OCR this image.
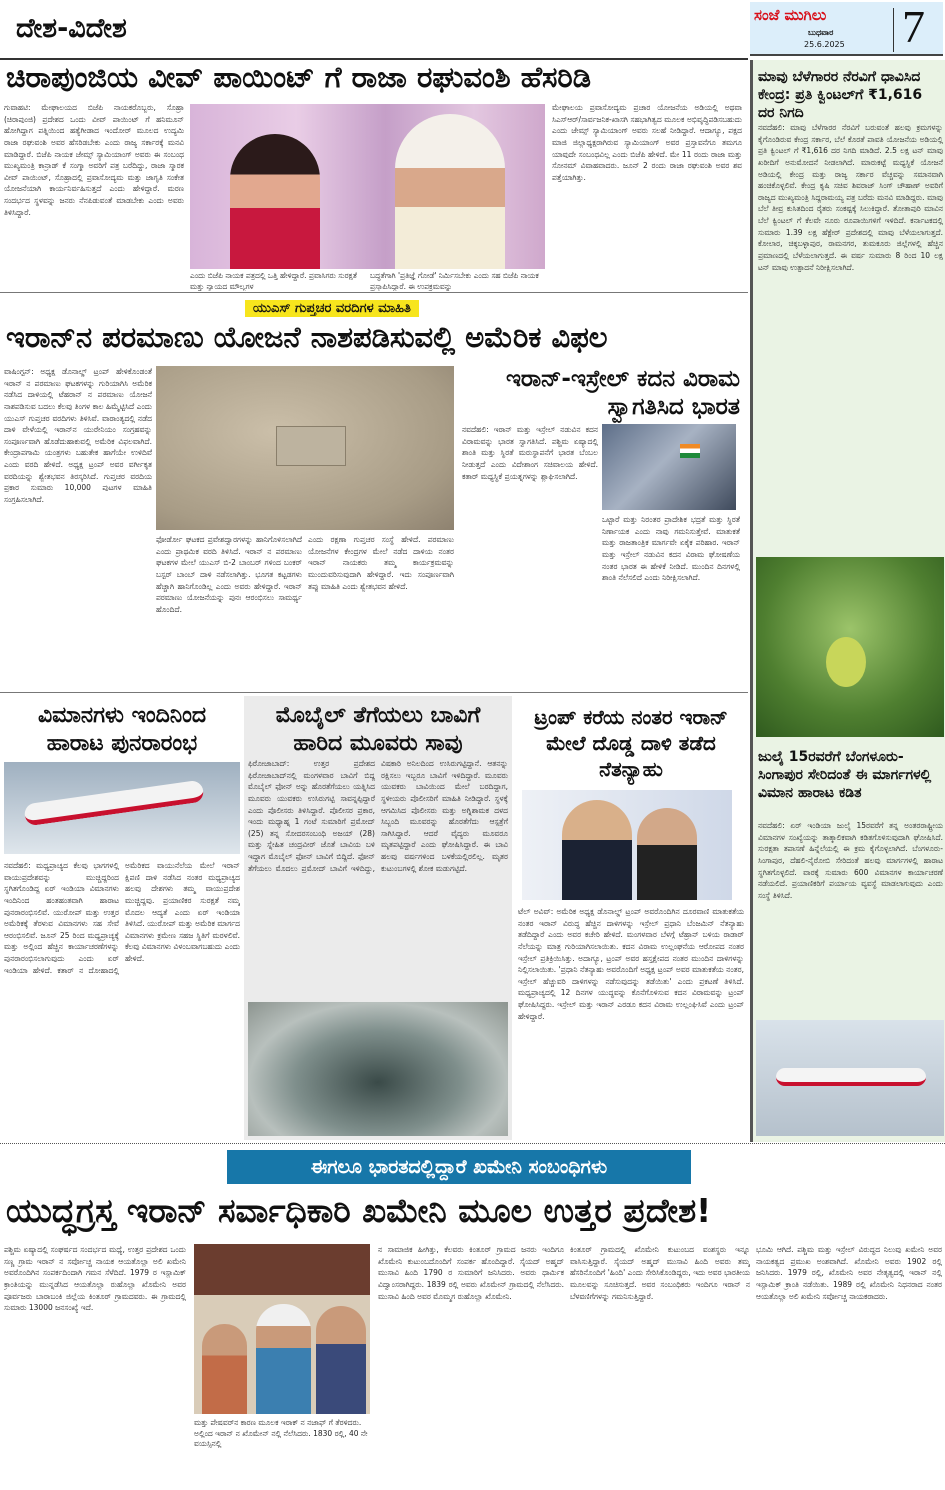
ದೇಶ-ವಿದೇಶ	ಸಂಜೆ ಮುಗಿಲು
ಬುಧವಾರ
25.6.2025 7
ಚಿರಾಪುಂಜಿಯ ವೀವ್ ಪಾಯಿಂಟ್ ಗೆ ರಾಜಾ ರಘುವಂಶಿ ಹೆಸರಿಡಿ
ಗುವಾಹಟಿ: ಮೇಘಾಲಯದ ಬಿಜೆಪಿ ನಾಯಕರೊಬ್ಬರು, ಸೊಹ್ರಾ (ಚಿರಾಪುಂಜಿ) ಪ್ರದೇಶದ ಒಂದು ವೀವ್ ಪಾಯಿಂಟ್ ಗೆ ಹನಿಮೂನ್ ಹೋಗಿದ್ದಾಗ ಪತ್ನಿಯಿಂದ ಹತ್ಯೆಗೀಡಾದ ಇಂದೋರ್ ಮೂಲದ ಉದ್ಯಮಿ ರಾಜಾ ರಘುವಂಶಿ ಅವರ ಹೆಸರಿಡಬೇಕು ಎಂದು ರಾಜ್ಯ ಸರ್ಕಾರಕ್ಕೆ ಮನವಿ ಮಾಡಿದ್ದಾರೆ. ಬಿಜೆಪಿ ನಾಯಕ ಜೇಮ್ಸ್ ಸ್ಯಾಮಿಯಾಂಗ್ ಅವರು ಈ ಸಂಬಂಧ ಮುಖ್ಯಮಂತ್ರಿ ಕಾನ್ರಾಡ್ ಕೆ ಸಂಗ್ಮಾ ಅವರಿಗೆ ಪತ್ರ ಬರೆದಿದ್ದು, ರಾಜಾ ಸ್ಮಾರಕ ವೀವ್ ಪಾಯಿಂಟ್, ಸೊಹ್ರಾದಲ್ಲಿ ಪ್ರವಾಸೋದ್ಯಮ ಮತ್ತು ಜಾಗೃತಿ ಸಂಕೇತ ಯೋಜನೆಯಾಗಿ ಕಾರ್ಯನಿರ್ವಹಿಸುತ್ತದೆ ಎಂದು ಹೇಳಿದ್ದಾರೆ. ಮರಣ ಸಂದರ್ಭದ ಸ್ಥಳವನ್ನು ಜನರು ನೆನಪಿಡುವಂತೆ ಮಾಡಬೇಕು ಎಂದು ಅವರು ತಿಳಿಸಿದ್ದಾರೆ.
ಎಂದು ಬಿಜೆಪಿ ನಾಯಕ ಪತ್ರದಲ್ಲಿ ಒತ್ತಿ ಹೇಳಿದ್ದಾರೆ. ಪ್ರವಾಸಿಗರು ಸುರಕ್ಷತೆ ಮತ್ತು ನ್ಯಾಯದ ಮೌಲ್ಯಗಳ
ಬದ್ಧತೆಗಾಗಿ 'ಪ್ರತಿಜ್ಞೆ ಗೋಡೆ' ನಿರ್ಮಿಸಬೇಕು ಎಂದು ಸಹ ಬಿಜೆಪಿ ನಾಯಕ ಪ್ರಸ್ತಾಪಿಸಿದ್ದಾರೆ. ಈ ಉಪಕ್ರಮವನ್ನು
ಮೇಘಾಲಯ ಪ್ರವಾಸೋದ್ಯಮ ಪ್ರಚಾರ ಯೋಜನೆಯ ಅಡಿಯಲ್ಲಿ ಅಥವಾ ಸಿಎಸ್ಆರ್/ಸಾರ್ವಜನಿಕ-ಖಾಸಗಿ ಸಹಭಾಗಿತ್ವದ ಮೂಲಕ ಅಭಿವೃದ್ಧಿಪಡಿಸಬಹುದು ಎಂದು ಜೇಮ್ಸ್ ಸ್ಯಾಮಿಯಾಂಗ್ ಅವರು ಸಲಹೆ ನೀಡಿದ್ದಾರೆ. ಆದಾಗ್ಯೂ, ಪಕ್ಷದ ಮಾಜಿ ಜಿಲ್ಲಾಧ್ಯಕ್ಷರಾಗಿರುವ ಸ್ಯಾಮಿಯಾಂಗ್ ಅವರ ಪ್ರಸ್ತಾವನೆಗೂ ತಮಗೂ ಯಾವುದೇ ಸಂಬಂಧವಿಲ್ಲ ಎಂದು ಬಿಜೆಪಿ ಹೇಳಿದೆ. ಮೇ 11 ರಂದು ರಾಜಾ ಮತ್ತು ಸೋನಮ್ ವಿವಾಹವಾದರು. ಜೂನ್ 2 ರಂದು ರಾಜಾ ರಘುವಂಶಿ ಅವರ ಶವ ಪತ್ತೆಯಾಗಿತ್ತು.
ಯುಎಸ್ ಗುಪ್ತಚರ ವರದಿಗಳ ಮಾಹಿತಿ
ಇರಾನ್‌ನ ಪರಮಾಣು ಯೋಜನೆ ನಾಶಪಡಿಸುವಲ್ಲಿ ಅಮೆರಿಕ ವಿಫಲ
ವಾಷಿಂಗ್ಟನ್: ಅಧ್ಯಕ್ಷ ಡೊನಾಲ್ಡ್ ಟ್ರಂಪ್ ಹೇಳಿಕೊಂಡಂತೆ ಇರಾನ್ ನ ಪರಮಾಣು ಘಟಕಗಳನ್ನು ಗುರಿಯಾಗಿಸಿ ಅಮೆರಿಕ ನಡೆಸಿದ ದಾಳಿಯಲ್ಲಿ ಟೆಹರಾನ್ ನ ಪರಮಾಣು ಯೋಜನೆ ನಾಶಪಡಿಸುವ ಬದಲು ಕೆಲವು ತಿಂಗಳ ಕಾಲ ಹಿಮ್ಮೆಟ್ಟಿಸಿದೆ ಎಂದು ಯುಎಸ್ ಗುಪ್ತಚರ ವರದಿಗಳು ತಿಳಿಸಿವೆ. ವಾರಾಂತ್ಯದಲ್ಲಿ ನಡೆದ ದಾಳಿ ವೇಳೆಯಲ್ಲಿ ಇರಾನ್‌ನ ಯುರೇನಿಯಂ ಸಂಗ್ರಹವನ್ನು ಸಂಪೂರ್ಣವಾಗಿ ಹೊಡೆದುಹಾಕುವಲ್ಲಿ ಅಮೆರಿಕ ವಿಫಲವಾಗಿದೆ. ಕೇಂದ್ರಾಪಗಾಮಿ ಯಂತ್ರಗಳು ಬಹುತೇಕ ಹಾಗೆಯೇ ಉಳಿದಿವೆ ಎಂದು ವರದಿ ಹೇಳಿದೆ. ಅಧ್ಯಕ್ಷ ಟ್ರಂಪ್ ಅವರ ವರ್ಗೀಕೃತ ವರದಿಯನ್ನು ಶ್ವೇತಭವನ ತಿರಸ್ಕರಿಸಿದೆ. ಗುಪ್ತಚರ ವರದಿಯ ಪ್ರಕಾರ ಸುಮಾರು 10,000 ಪುಟಗಳ ಮಾಹಿತಿ ಸಂಗ್ರಹಿಸಲಾಗಿದೆ.
ಫೋರ್ಡೋ ಘಟಕದ ಪ್ರವೇಶದ್ವಾರಗಳನ್ನು ಹಾನಿಗೊಳಿಸಲಾಗಿದೆ ಎಂದು ಪ್ರಾಥಮಿಕ ವರದಿ ತಿಳಿಸಿದೆ. ಇರಾನ್ ನ ಪರಮಾಣು ಘಟಕಗಳ ಮೇಲೆ ಯುಎಸ್ ಬಿ-2 ಬಾಂಬರ್ ಗಳಿಂದ ಬಂಕರ್ ಬಸ್ಟರ್ ಬಾಂಬ್ ದಾಳಿ ನಡೆಸಲಾಗಿತ್ತು. ಭೂಗತ ಕಟ್ಟಡಗಳು ಹೆಚ್ಚಾಗಿ ಹಾನಿಗೊಂಡಿಲ್ಲ ಎಂದು ಅವರು ಹೇಳಿದ್ದಾರೆ. ಇರಾನ್ ಪರಮಾಣು ಯೋಜನೆಯನ್ನು ಪುನಃ ಆರಂಭಿಸಲು ಸಾಮರ್ಥ್ಯ ಹೊಂದಿದೆ.
ಎಂದು ರಕ್ಷಣಾ ಗುಪ್ತಚರ ಸಂಸ್ಥೆ ಹೇಳಿದೆ. ಪರಮಾಣು ಯೋಜನೆಗಳ ಕೇಂದ್ರಗಳ ಮೇಲೆ ನಡೆದ ದಾಳಿಯ ನಂತರ ಇರಾನ್ ನಾಯಕರು ತಮ್ಮ ಕಾರ್ಯಕ್ರಮವನ್ನು ಮುಂದುವರಿಸುವುದಾಗಿ ಹೇಳಿದ್ದಾರೆ. ಇದು ಸಂಪೂರ್ಣವಾಗಿ ತಪ್ಪು ಮಾಹಿತಿ ಎಂದು ಶ್ವೇತಭವನ ಹೇಳಿದೆ.
ಇರಾನ್-ಇಸ್ರೇಲ್ ಕದನ ವಿರಾಮ ಸ್ವಾಗತಿಸಿದ ಭಾರತ
ನವದೆಹಲಿ: ಇರಾನ್ ಮತ್ತು ಇಸ್ರೇಲ್ ನಡುವಿನ ಕದನ ವಿರಾಮವನ್ನು ಭಾರತ ಸ್ವಾಗತಿಸಿದೆ. ಪಶ್ಚಿಮ ಏಷ್ಯಾದಲ್ಲಿ ಶಾಂತಿ ಮತ್ತು ಸ್ಥಿರತೆ ಮರುಸ್ಥಾಪನೆಗೆ ಭಾರತ ಬೆಂಬಲ ನೀಡುತ್ತದೆ ಎಂದು ವಿದೇಶಾಂಗ ಸಚಿವಾಲಯ ಹೇಳಿದೆ. ಕತಾರ್ ಮಧ್ಯಸ್ಥಿಕೆ ಪ್ರಯತ್ನಗಳನ್ನು ಶ್ಲಾಘಿಸಲಾಗಿದೆ.
ಒಟ್ಟಾರೆ ಮತ್ತು ನಿರಂತರ ಪ್ರಾದೇಶಿಕ ಭದ್ರತೆ ಮತ್ತು ಸ್ಥಿರತೆ ನಿರ್ಣಾಯಕ ಎಂದು ನಾವು ಗಮನಿಸುತ್ತೇವೆ. ಮಾತುಕತೆ ಮತ್ತು ರಾಜತಾಂತ್ರಿಕ ಮಾರ್ಗವೇ ಏಕೈಕ ಪರಿಹಾರ. ಇರಾನ್ ಮತ್ತು ಇಸ್ರೇಲ್ ನಡುವಿನ ಕದನ ವಿರಾಮ ಘೋಷಣೆಯ ನಂತರ ಭಾರತ ಈ ಹೇಳಿಕೆ ನೀಡಿದೆ. ಮುಂದಿನ ದಿನಗಳಲ್ಲಿ ಶಾಂತಿ ನೆಲೆಸಲಿದೆ ಎಂದು ನಿರೀಕ್ಷಿಸಲಾಗಿದೆ.
ಮಾವು ಬೆಳೆಗಾರರ ನೆರವಿಗೆ ಧಾವಿಸಿದ ಕೇಂದ್ರ: ಪ್ರತಿ ಕ್ವಿಂಟಲ್‌ಗೆ ₹1,616 ದರ ನಿಗದಿ
ನವದೆಹಲಿ: ಮಾವು ಬೆಳೆಗಾರರ ನೆರವಿಗೆ ಬರುವಂತೆ ಹಲವು ಕ್ರಮಗಳನ್ನು ಕೈಗೊಂಡಿರುವ ಕೇಂದ್ರ ಸರ್ಕಾರ, ಬೆಲೆ ಕೊರತೆ ಪಾವತಿ ಯೋಜನೆಯ ಅಡಿಯಲ್ಲಿ ಪ್ರತಿ ಕ್ವಿಂಟಲ್ ಗೆ ₹1,616 ದರ ನಿಗದಿ ಮಾಡಿದೆ. 2.5 ಲಕ್ಷ ಟನ್ ಮಾವು ಖರೀದಿಗೆ ಅನುಮೋದನೆ ನೀಡಲಾಗಿದೆ. ಮಾರುಕಟ್ಟೆ ಮಧ್ಯಸ್ಥಿಕೆ ಯೋಜನೆ ಅಡಿಯಲ್ಲಿ ಕೇಂದ್ರ ಮತ್ತು ರಾಜ್ಯ ಸರ್ಕಾರ ವೆಚ್ಚವನ್ನು ಸಮಾನವಾಗಿ ಹಂಚಿಕೊಳ್ಳಲಿವೆ. ಕೇಂದ್ರ ಕೃಷಿ ಸಚಿವ ಶಿವರಾಜ್ ಸಿಂಗ್ ಚೌಹಾಣ್ ಅವರಿಗೆ ರಾಜ್ಯದ ಮುಖ್ಯಮಂತ್ರಿ ಸಿದ್ದರಾಮಯ್ಯ ಪತ್ರ ಬರೆದು ಮನವಿ ಮಾಡಿದ್ದರು. ಮಾವು ಬೆಲೆ ತೀವ್ರ ಕುಸಿತದಿಂದ ರೈತರು ಸಂಕಷ್ಟಕ್ಕೆ ಸಿಲುಕಿದ್ದಾರೆ. ತೋತಾಪುರಿ ಮಾವಿನ ಬೆಲೆ ಕ್ವಿಂಟಲ್ ಗೆ ಕೆಲವೇ ನೂರು ರೂಪಾಯಿಗಳಿಗೆ ಇಳಿದಿದೆ. ಕರ್ನಾಟಕದಲ್ಲಿ ಸುಮಾರು 1.39 ಲಕ್ಷ ಹೆಕ್ಟೇರ್ ಪ್ರದೇಶದಲ್ಲಿ ಮಾವು ಬೆಳೆಯಲಾಗುತ್ತದೆ. ಕೋಲಾರ, ಚಿಕ್ಕಬಳ್ಳಾಪುರ, ರಾಮನಗರ, ತುಮಕೂರು ಜಿಲ್ಲೆಗಳಲ್ಲಿ ಹೆಚ್ಚಿನ ಪ್ರಮಾಣದಲ್ಲಿ ಬೆಳೆಯಲಾಗುತ್ತದೆ. ಈ ವರ್ಷ ಸುಮಾರು 8 ರಿಂದ 10 ಲಕ್ಷ ಟನ್ ಮಾವು ಉತ್ಪಾದನೆ ನಿರೀಕ್ಷಿಸಲಾಗಿದೆ.
ಜುಲೈ 15ರವರೆಗೆ ಬೆಂಗಳೂರು-ಸಿಂಗಾಪುರ ಸೇರಿದಂತೆ ಈ ಮಾರ್ಗಗಳಲ್ಲಿ ವಿಮಾನ ಹಾರಾಟ ಕಡಿತ
ನವದೆಹಲಿ: ಏರ್ ಇಂಡಿಯಾ ಜುಲೈ 15ರವರೆಗೆ ತನ್ನ ಅಂತರರಾಷ್ಟ್ರೀಯ ವಿಮಾನಗಳ ಸಂಖ್ಯೆಯನ್ನು ತಾತ್ಕಾಲಿಕವಾಗಿ ಕಡಿತಗೊಳಿಸುವುದಾಗಿ ಘೋಷಿಸಿದೆ. ಸುರಕ್ಷತಾ ತಪಾಸಣೆ ಹಿನ್ನೆಲೆಯಲ್ಲಿ ಈ ಕ್ರಮ ಕೈಗೊಳ್ಳಲಾಗಿದೆ. ಬೆಂಗಳೂರು-ಸಿಂಗಾಪುರ, ದೆಹಲಿ-ನೈರೋಬಿ ಸೇರಿದಂತೆ ಹಲವು ಮಾರ್ಗಗಳಲ್ಲಿ ಹಾರಾಟ ಸ್ಥಗಿತಗೊಳ್ಳಲಿದೆ. ವಾರಕ್ಕೆ ಸುಮಾರು 600 ವಿಮಾನಗಳ ಕಾರ್ಯಾಚರಣೆ ನಡೆಯಲಿದೆ. ಪ್ರಯಾಣಿಕರಿಗೆ ಪರ್ಯಾಯ ವ್ಯವಸ್ಥೆ ಮಾಡಲಾಗುವುದು ಎಂದು ಸಂಸ್ಥೆ ತಿಳಿಸಿದೆ.
ವಿಮಾನಗಳು ಇಂದಿನಿಂದ ಹಾರಾಟ ಪುನರಾರಂಭ
ನವದೆಹಲಿ: ಮಧ್ಯಪ್ರಾಚ್ಯದ ಕೆಲವು ಭಾಗಗಳಲ್ಲಿ ವಾಯುಪ್ರದೇಶವನ್ನು ಮುಚ್ಚಿದ್ದರಿಂದ ಸ್ಥಗಿತಗೊಂಡಿದ್ದ ಏರ್ ಇಂಡಿಯಾ ವಿಮಾನಗಳು ಇಂದಿನಿಂದ ಹಂತಹಂತವಾಗಿ ಹಾರಾಟ ಪುನರಾರಂಭಿಸಲಿವೆ. ಯುರೋಪ್ ಮತ್ತು ಉತ್ತರ ಅಮೆರಿಕಕ್ಕೆ ತೆರಳುವ ವಿಮಾನಗಳು ಸಹ ಸೇವೆ ಆರಂಭಿಸಲಿವೆ. ಜೂನ್ 25 ರಿಂದ ಮಧ್ಯಪ್ರಾಚ್ಯಕ್ಕೆ ಮತ್ತು ಅಲ್ಲಿಂದ ಹೆಚ್ಚಿನ ಕಾರ್ಯಾಚರಣೆಗಳನ್ನು ಪುನರಾರಂಭಿಸಲಾಗುವುದು ಎಂದು ಏರ್ ಇಂಡಿಯಾ ಹೇಳಿದೆ. ಕತಾರ್ ನ ದೋಹಾದಲ್ಲಿ ಅಮೆರಿಕದ ವಾಯುನೆಲೆಯ ಮೇಲೆ ಇರಾನ್ ಕ್ಷಿಪಣಿ ದಾಳಿ ನಡೆಸಿದ ನಂತರ ಮಧ್ಯಪ್ರಾಚ್ಯದ ಹಲವು ದೇಶಗಳು ತಮ್ಮ ವಾಯುಪ್ರದೇಶ ಮುಚ್ಚಿದ್ದವು. ಪ್ರಯಾಣಿಕರ ಸುರಕ್ಷತೆ ನಮ್ಮ ಮೊದಲ ಆದ್ಯತೆ ಎಂದು ಏರ್ ಇಂಡಿಯಾ ತಿಳಿಸಿದೆ. ಯುರೋಪ್ ಮತ್ತು ಅಮೆರಿಕ ಮಾರ್ಗದ ವಿಮಾನಗಳು ಕ್ರಮೇಣ ಸಹಜ ಸ್ಥಿತಿಗೆ ಮರಳಲಿವೆ. ಕೆಲವು ವಿಮಾನಗಳು ವಿಳಂಬವಾಗಬಹುದು ಎಂದು ಹೇಳಿದೆ.
ಮೊಬೈಲ್ ತೆಗೆಯಲು ಬಾವಿಗೆ ಹಾರಿದ ಮೂವರು ಸಾವು
ಫಿರೋಜಾಬಾದ್: ಉತ್ತರ ಪ್ರದೇಶದ ಫಿರೋಜಾಬಾದ್‌ನಲ್ಲಿ ಮಂಗಳವಾರ ಬಾವಿಗೆ ಬಿದ್ದ ಮೊಬೈಲ್ ಫೋನ್ ಅನ್ನು ಹೊರತೆಗೆಯಲು ಯತ್ನಿಸಿದ ಮೂವರು ಯುವಕರು ಉಸಿರುಗಟ್ಟಿ ಸಾವನ್ನಪ್ಪಿದ್ದಾರೆ ಎಂದು ಪೊಲೀಸರು ತಿಳಿಸಿದ್ದಾರೆ. ಪೊಲೀಸರ ಪ್ರಕಾರ, ಇಂದು ಮಧ್ಯಾಹ್ನ 1 ಗಂಟೆ ಸುಮಾರಿಗೆ ಪ್ರಮೋದ್ (25) ತನ್ನ ಸೋದರಸಂಬಂಧಿ ಅಜಯ್ (28) ಮತ್ತು ಸ್ನೇಹಿತ ಚಂದ್ರವೀರ್ ಜೊತೆ ಬಾವಿಯ ಬಳಿ ಇದ್ದಾಗ ಮೊಬೈಲ್ ಫೋನ್ ಬಾವಿಗೆ ಬಿದ್ದಿದೆ. ಫೋನ್ ತೆಗೆಯಲು ಮೊದಲು ಪ್ರಮೋದ್ ಬಾವಿಗೆ ಇಳಿದಿದ್ದು, ವಿಷಕಾರಿ ಅನಿಲದಿಂದ ಉಸಿರುಗಟ್ಟಿದ್ದಾನೆ. ಆತನನ್ನು ರಕ್ಷಿಸಲು ಇಬ್ಬರೂ ಬಾವಿಗೆ ಇಳಿದಿದ್ದಾರೆ. ಮೂವರು ಯುವಕರು ಬಾವಿಯಿಂದ ಮೇಲೆ ಬರದಿದ್ದಾಗ, ಸ್ಥಳೀಯರು ಪೊಲೀಸರಿಗೆ ಮಾಹಿತಿ ನೀಡಿದ್ದಾರೆ. ಸ್ಥಳಕ್ಕೆ ಆಗಮಿಸಿದ ಪೊಲೀಸರು ಮತ್ತು ಅಗ್ನಿಶಾಮಕ ದಳದ ಸಿಬ್ಬಂದಿ ಮೂವರನ್ನು ಹೊರತೆಗೆದು ಆಸ್ಪತ್ರೆಗೆ ಸಾಗಿಸಿದ್ದಾರೆ. ಆದರೆ ವೈದ್ಯರು ಮೂವರೂ ಮೃತಪಟ್ಟಿದ್ದಾರೆ ಎಂದು ಘೋಷಿಸಿದ್ದಾರೆ. ಈ ಬಾವಿ ಹಲವು ವರ್ಷಗಳಿಂದ ಬಳಕೆಯಲ್ಲಿರಲಿಲ್ಲ. ಮೃತರ ಕುಟುಂಬಗಳಲ್ಲಿ ಶೋಕ ಮಡುಗಟ್ಟಿದೆ.
ಟ್ರಂಪ್ ಕರೆಯ ನಂತರ ಇರಾನ್ ಮೇಲೆ ದೊಡ್ಡ ದಾಳಿ ತಡೆದ ನೆತನ್ಯಾಹು
ಟೆಲ್ ಅವಿವ್: ಅಮೆರಿಕ ಅಧ್ಯಕ್ಷ ಡೊನಾಲ್ಡ್ ಟ್ರಂಪ್ ಅವರೊಂದಿಗಿನ ದೂರವಾಣಿ ಮಾತುಕತೆಯ ನಂತರ ಇರಾನ್ ವಿರುದ್ಧ ಹೆಚ್ಚಿನ ದಾಳಿಗಳನ್ನು ಇಸ್ರೇಲ್ ಪ್ರಧಾನಿ ಬೆಂಜಮಿನ್ ನೆತನ್ಯಾಹು ತಡೆದಿದ್ದಾರೆ ಎಂದು ಅವರ ಕಚೇರಿ ಹೇಳಿದೆ. ಮಂಗಳವಾರ ಬೆಳಗ್ಗೆ ಟೆಹ್ರಾನ್ ಬಳಿಯ ರಾಡಾರ್ ನೆಲೆಯನ್ನು ಮಾತ್ರ ಗುರಿಯಾಗಿಸಲಾಯಿತು. ಕದನ ವಿರಾಮ ಉಲ್ಲಂಘನೆಯ ಆರೋಪದ ನಂತರ ಇಸ್ರೇಲ್ ಪ್ರತಿಕ್ರಿಯಿಸಿತ್ತು. ಅದಾಗ್ಯೂ, ಟ್ರಂಪ್ ಅವರ ಹಸ್ತಕ್ಷೇಪದ ನಂತರ ಮುಂದಿನ ದಾಳಿಗಳನ್ನು ನಿಲ್ಲಿಸಲಾಯಿತು. 'ಪ್ರಧಾನಿ ನೆತನ್ಯಾಹು ಅವರೊಂದಿಗೆ ಅಧ್ಯಕ್ಷ ಟ್ರಂಪ್ ಅವರ ಮಾತುಕತೆಯ ನಂತರ, ಇಸ್ರೇಲ್ ಹೆಚ್ಚುವರಿ ದಾಳಿಗಳನ್ನು ನಡೆಸುವುದನ್ನು ತಡೆಯಿತು' ಎಂದು ಪ್ರಕಟಣೆ ತಿಳಿಸಿದೆ. ಮಧ್ಯಪ್ರಾಚ್ಯದಲ್ಲಿ 12 ದಿನಗಳ ಯುದ್ಧವನ್ನು ಕೊನೆಗೊಳಿಸುವ ಕದನ ವಿರಾಮವನ್ನು ಟ್ರಂಪ್ ಘೋಷಿಸಿದ್ದರು. ಇಸ್ರೇಲ್ ಮತ್ತು ಇರಾನ್ ಎರಡೂ ಕದನ ವಿರಾಮ ಉಲ್ಲಂಘಿಸಿವೆ ಎಂದು ಟ್ರಂಪ್ ಹೇಳಿದ್ದಾರೆ.
ಈಗಲೂ ಭಾರತದಲ್ಲಿದ್ದಾರೆ ಖಮೇನಿ ಸಂಬಂಧಿಗಳು
ಯುದ್ಧಗ್ರಸ್ತ ಇರಾನ್ ಸರ್ವಾಧಿಕಾರಿ ಖಮೇನಿ ಮೂಲ ಉತ್ತರ ಪ್ರದೇಶ!
ಪಶ್ಚಿಮ ಏಷ್ಯಾದಲ್ಲಿ ಸಂಘರ್ಷದ ಸಂದರ್ಭದ ಮಧ್ಯೆ, ಉತ್ತರ ಪ್ರದೇಶದ ಒಂದು ಸಣ್ಣ ಗ್ರಾಮ ಇರಾನ್ ನ ಸರ್ವೋಚ್ಚ ನಾಯಕ ಆಯತೊಲ್ಲಾ ಅಲಿ ಖಮೇನಿ ಅವರೊಂದಿಗಿನ ಸಂಪರ್ಕದಿಂದಾಗಿ ಗಮನ ಸೆಳೆದಿದೆ. 1979 ರ ಇಸ್ಲಾಮಿಕ್ ಕ್ರಾಂತಿಯನ್ನು ಮುನ್ನಡೆಸಿದ ಆಯತೊಲ್ಲಾ ರುಹೊಲ್ಲಾ ಖೊಮೇನಿ ಅವರ ಪೂರ್ವಜರು ಬಾರಾಬಂಕಿ ಜಿಲ್ಲೆಯ ಕಿಂತೂರ್ ಗ್ರಾಮದವರು. ಈ ಗ್ರಾಮದಲ್ಲಿ ಸುಮಾರು 13000 ಜನಸಂಖ್ಯೆ ಇದೆ.
ಮತ್ತು ಪೇಷವರ್‌ನ ಕಾರಣ ಮೂಲಕ ಇರಾಕ್ ನ ನಜಾಫ್ ಗೆ ತೆರಳಿದರು. ಅಲ್ಲಿಂದ ಇರಾನ್ ನ ಖೊಮೇನ್ ನಲ್ಲಿ ನೆಲೆಸಿದರು. 1830 ರಲ್ಲಿ, 40 ನೇ ವಯಸ್ಸಿನಲ್ಲಿ
ನ ಸಾಮಾಜಿಕ ಹೀಗಿತ್ತು, ಕೆಲವರು ಕಿಂತೂರ್ ಗ್ರಾಮದ ಜನರು ಇಂದಿಗೂ ಖೊಮೇನಿ ಕುಟುಂಬದೊಂದಿಗೆ ಸಂಪರ್ಕ ಹೊಂದಿದ್ದಾರೆ. ಸೈಯದ್ ಅಹ್ಮದ್ ಮುಸಾವಿ ಹಿಂದಿ 1790 ರ ಸುಮಾರಿಗೆ ಜನಿಸಿದರು. ಅವರು ಧಾರ್ಮಿಕ ವಿದ್ವಾಂಸರಾಗಿದ್ದರು. 1839 ರಲ್ಲಿ ಅವರು ಖೊಮೇನ್ ಗ್ರಾಮದಲ್ಲಿ ನೆಲೆಸಿದರು. ಮುಸಾವಿ ಹಿಂದಿ ಅವರ ಮೊಮ್ಮಗ ರುಹೊಲ್ಲಾ ಖೊಮೇನಿ.
ಕಿಂತೂರ್ ಗ್ರಾಮದಲ್ಲಿ ಖೊಮೇನಿ ಕುಟುಂಬದ ವಂಶಸ್ಥರು ಇನ್ನೂ ವಾಸಿಸುತ್ತಿದ್ದಾರೆ. ಸೈಯದ್ ಅಹ್ಮದ್ ಮುಸಾವಿ ಹಿಂದಿ ಅವರು ತಮ್ಮ ಹೆಸರಿನೊಂದಿಗೆ 'ಹಿಂದಿ' ಎಂದು ಸೇರಿಸಿಕೊಂಡಿದ್ದರು, ಇದು ಅವರ ಭಾರತೀಯ ಮೂಲವನ್ನು ಸೂಚಿಸುತ್ತದೆ. ಅವರ ಸಂಬಂಧಿಕರು ಇಂದಿಗೂ ಇರಾನ್ ನ ಬೆಳವಣಿಗೆಗಳನ್ನು ಗಮನಿಸುತ್ತಿದ್ದಾರೆ.
ಭೂಮಿ ಆಗಿದೆ. ಪಶ್ಚಿಮ ಮತ್ತು ಇಸ್ರೇಲ್ ವಿರುದ್ಧದ ನಿಲುವು ಖಮೇನಿ ಅವರ ನಾಯಕತ್ವದ ಪ್ರಮುಖ ಅಂಶವಾಗಿದೆ. ಖೊಮೇನಿ ಅವರು 1902 ರಲ್ಲಿ ಜನಿಸಿದರು. 1979 ರಲ್ಲಿ, ಖೊಮೇನಿ ಅವರ ನೇತೃತ್ವದಲ್ಲಿ ಇರಾನ್ ನಲ್ಲಿ ಇಸ್ಲಾಮಿಕ್ ಕ್ರಾಂತಿ ನಡೆಯಿತು. 1989 ರಲ್ಲಿ ಖೊಮೇನಿ ನಿಧನರಾದ ನಂತರ ಆಯತೊಲ್ಲಾ ಅಲಿ ಖಮೇನಿ ಸರ್ವೋಚ್ಚ ನಾಯಕರಾದರು.
